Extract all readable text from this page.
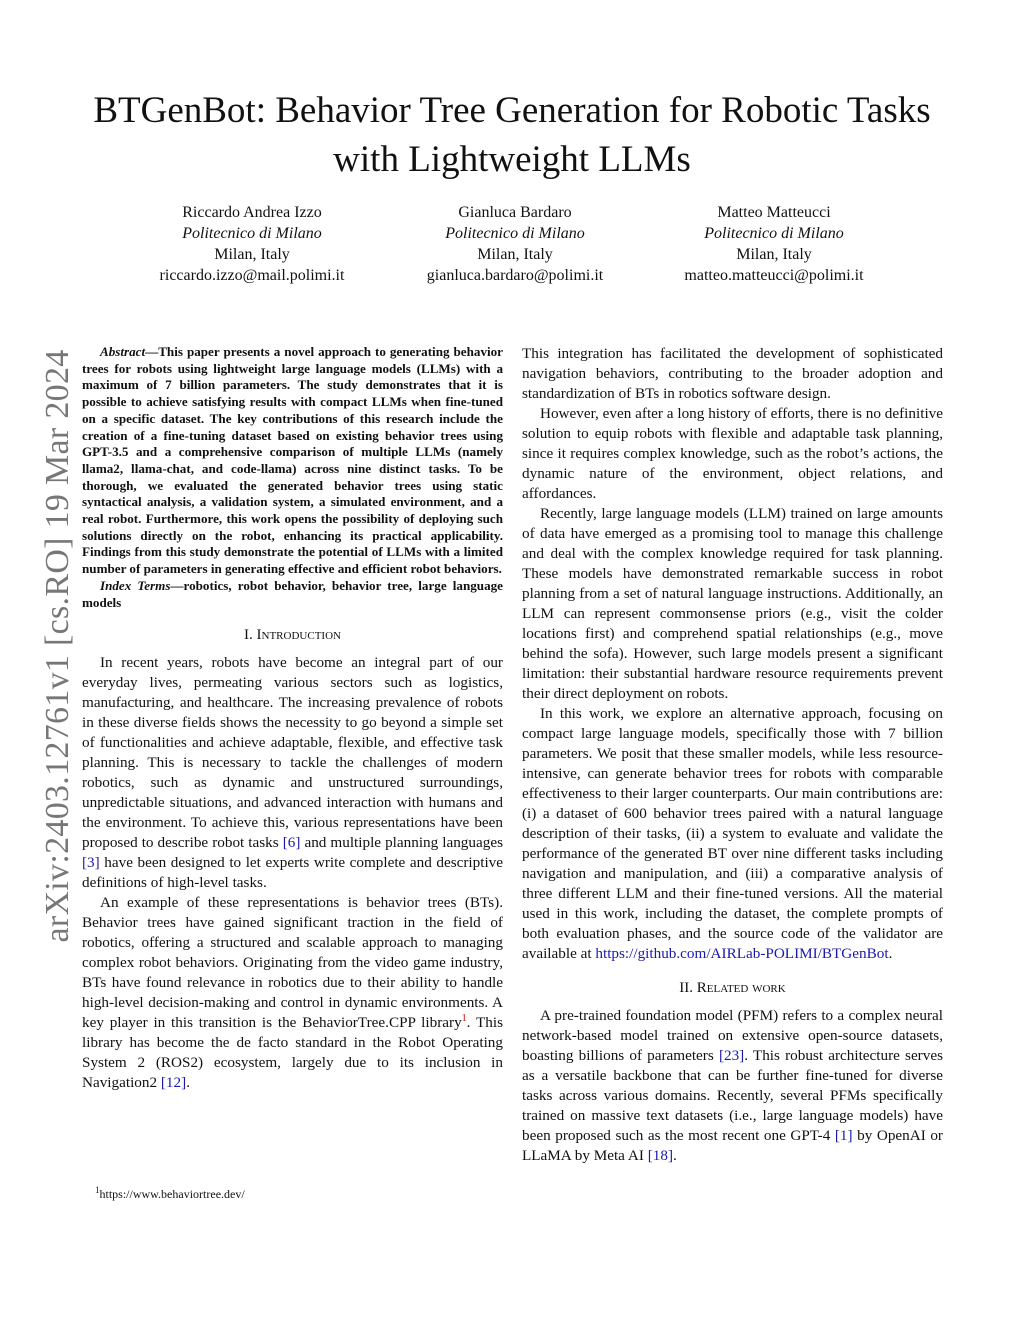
BTGenBot: Behavior Tree Generation for Robotic Tasks with Lightweight LLMs
Riccardo Andrea Izzo
Politecnico di Milano
Milan, Italy
riccardo.izzo@mail.polimi.it
Gianluca Bardaro
Politecnico di Milano
Milan, Italy
gianluca.bardaro@polimi.it
Matteo Matteucci
Politecnico di Milano
Milan, Italy
matteo.matteucci@polimi.it
arXiv:2403.12761v1 [cs.RO] 19 Mar 2024	Abstract—This paper presents a novel approach to generating behavior trees for robots using lightweight large language models (LLMs) with a maximum of 7 billion parameters. The study demonstrates that it is possible to achieve satisfying results with compact LLMs when fine-tuned on a specific dataset. The key contributions of this research include the creation of a fine-tuning dataset based on existing behavior trees using GPT-3.5 and a comprehensive comparison of multiple LLMs (namely llama2, llama-chat, and code-llama) across nine distinct tasks. To be thorough, we evaluated the generated behavior trees using static syntactical analysis, a validation system, a simulated environment, and a real robot. Furthermore, this work opens the possibility of deploying such solutions directly on the robot, enhancing its practical applicability. Findings from this study demonstrate the potential of LLMs with a limited number of parameters in generating effective and efficient robot behaviors.

Index Terms—robotics, robot behavior, behavior tree, large language models

I. Introduction

In recent years, robots have become an integral part of our everyday lives, permeating various sectors such as logistics, manufacturing, and healthcare. The increasing prevalence of robots in these diverse fields shows the necessity to go beyond a simple set of functionalities and achieve adaptable, flexible, and effective task planning. This is necessary to tackle the challenges of modern robotics, such as dynamic and unstructured surroundings, unpredictable situations, and advanced interaction with humans and the environment. To achieve this, various representations have been proposed to describe robot tasks [6] and multiple planning languages [3] have been designed to let experts write complete and descriptive definitions of high-level tasks.

An example of these representations is behavior trees (BTs). Behavior trees have gained significant traction in the field of robotics, offering a structured and scalable approach to managing complex robot behaviors. Originating from the video game industry, BTs have found relevance in robotics due to their ability to handle high-level decision-making and control in dynamic environments. A key player in this transition is the BehaviorTree.CPP library$^1$. This library has become the de facto standard in the Robot Operating System 2 (ROS2) ecosystem, largely due to its inclusion in Navigation2 [12].

$^1$https://www.behaviortree.dev/

This integration has facilitated the development of sophisticated navigation behaviors, contributing to the broader adoption and standardization of BTs in robotics software design.

However, even after a long history of efforts, there is no definitive solution to equip robots with flexible and adaptable task planning, since it requires complex knowledge, such as the robot’s actions, the dynamic nature of the environment, object relations, and affordances.

Recently, large language models (LLM) trained on large amounts of data have emerged as a promising tool to manage this challenge and deal with the complex knowledge required for task planning. These models have demonstrated remarkable success in robot planning from a set of natural language instructions. Additionally, an LLM can represent commonsense priors (e.g., visit the colder locations first) and comprehend spatial relationships (e.g., move behind the sofa). However, such large models present a significant limitation: their substantial hardware resource requirements prevent their direct deployment on robots.

In this work, we explore an alternative approach, focusing on compact large language models, specifically those with 7 billion parameters. We posit that these smaller models, while less resource-intensive, can generate behavior trees for robots with comparable effectiveness to their larger counterparts. Our main contributions are: (i) a dataset of 600 behavior trees paired with a natural language description of their tasks, (ii) a system to evaluate and validate the performance of the generated BT over nine different tasks including navigation and manipulation, and (iii) a comparative analysis of three different LLM and their fine-tuned versions. All the material used in this work, including the dataset, the complete prompts of both evaluation phases, and the source code of the validator are available at https://github.com/AIRLab-POLIMI/BTGenBot.

II. Related work

A pre-trained foundation model (PFM) refers to a complex neural network-based model trained on extensive open-source datasets, boasting billions of parameters [23]. This robust architecture serves as a versatile backbone that can be further fine-tuned for diverse tasks across various domains. Recently, several PFMs specifically trained on massive text datasets (i.e., large language models) have been proposed such as the most recent one GPT-4 [1] by OpenAI or LLaMA by Meta AI [18].
